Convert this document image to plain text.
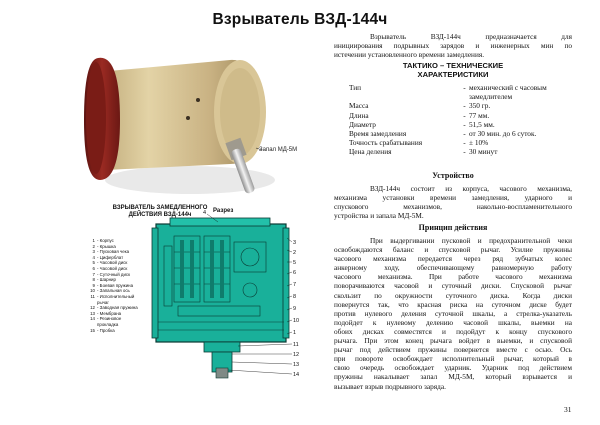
Взрыватель ВЗД-144ч
Запал МД-5М
Взрыватель ВЗД-144ч предназначается для
инициирования подрывных зарядов и инженерных мин по
истечении установленного времени замедления.
ТАКТИКО – ТЕХНИЧЕСКИЕ
ХАРАКТЕРИСТИКИ
Тип	- механический с часовым
замедлителем
Масса	- 350 гр.
Длина	- 77 мм.
Диаметр	- 51,5 мм.
Время замедления	- от 30 мин. до 6 суток.
Точность срабатывания	- ± 10%
Цена деления	- 30 минут
Устройство
ВЗД-144ч состоит из корпуса, часового механизма,
механизма установки времени замедления, ударного и
спускового механизмов, накольно-воспламенительного
устройства и запала МД-5М.
Принцип действия
При выдергивании пусковой и предохранительной чеки
освобождаются баланс и спусковой рычаг. Усилие пружины
часового механизма передается через ряд зубчатых колес
анкерному ходу, обеспечивающему равномерную работу
часового механизма. При работе часового механизма
поворачиваются часовой и суточный диски. Спусковой рычаг
скользит по окружности суточного диска. Когда диски
повернутся так, что красная риска на суточном диске будет
против нулевого деления суточной шкалы, а стрелка-указатель
подойдет к нулевому делению часовой шкалы, выемки на
обоих дисках совместятся и подойдут к концу спускового
рычага. При этом конец рычага войдет в выемки, и спусковой
рычаг под действием пружины повернется вместе с осью. Ось
при повороте освобождает исполнительный рычаг, который в
свою очередь освобождает ударник. Ударник под действием
пружины накалывает запал МД-5М, который взрывается и
вызывает взрыв подрывного заряда.
4
3
2
5
6
7
8
9
10
1
11
12
13
14
ВЗРЫВАТЕЛЬ ЗАМЕДЛЕННОГО
ДЕЙСТВИЯ ВЗД-144ч
Разрез
1 - Корпус
2 - Крышка
3 - Пусковая чека
4 - Циферблат
5 - Часовой диск
6 - Часовой диск
7 - Суточный диск
8 - Шарнир
9 - Боевая пружина
10 - Запальная ось
11 - Исполнительный
рычаг
12 - Заводная пружина
13 - Мембрана
14 - Резиновое
прокладка
15 - Пробка
31
